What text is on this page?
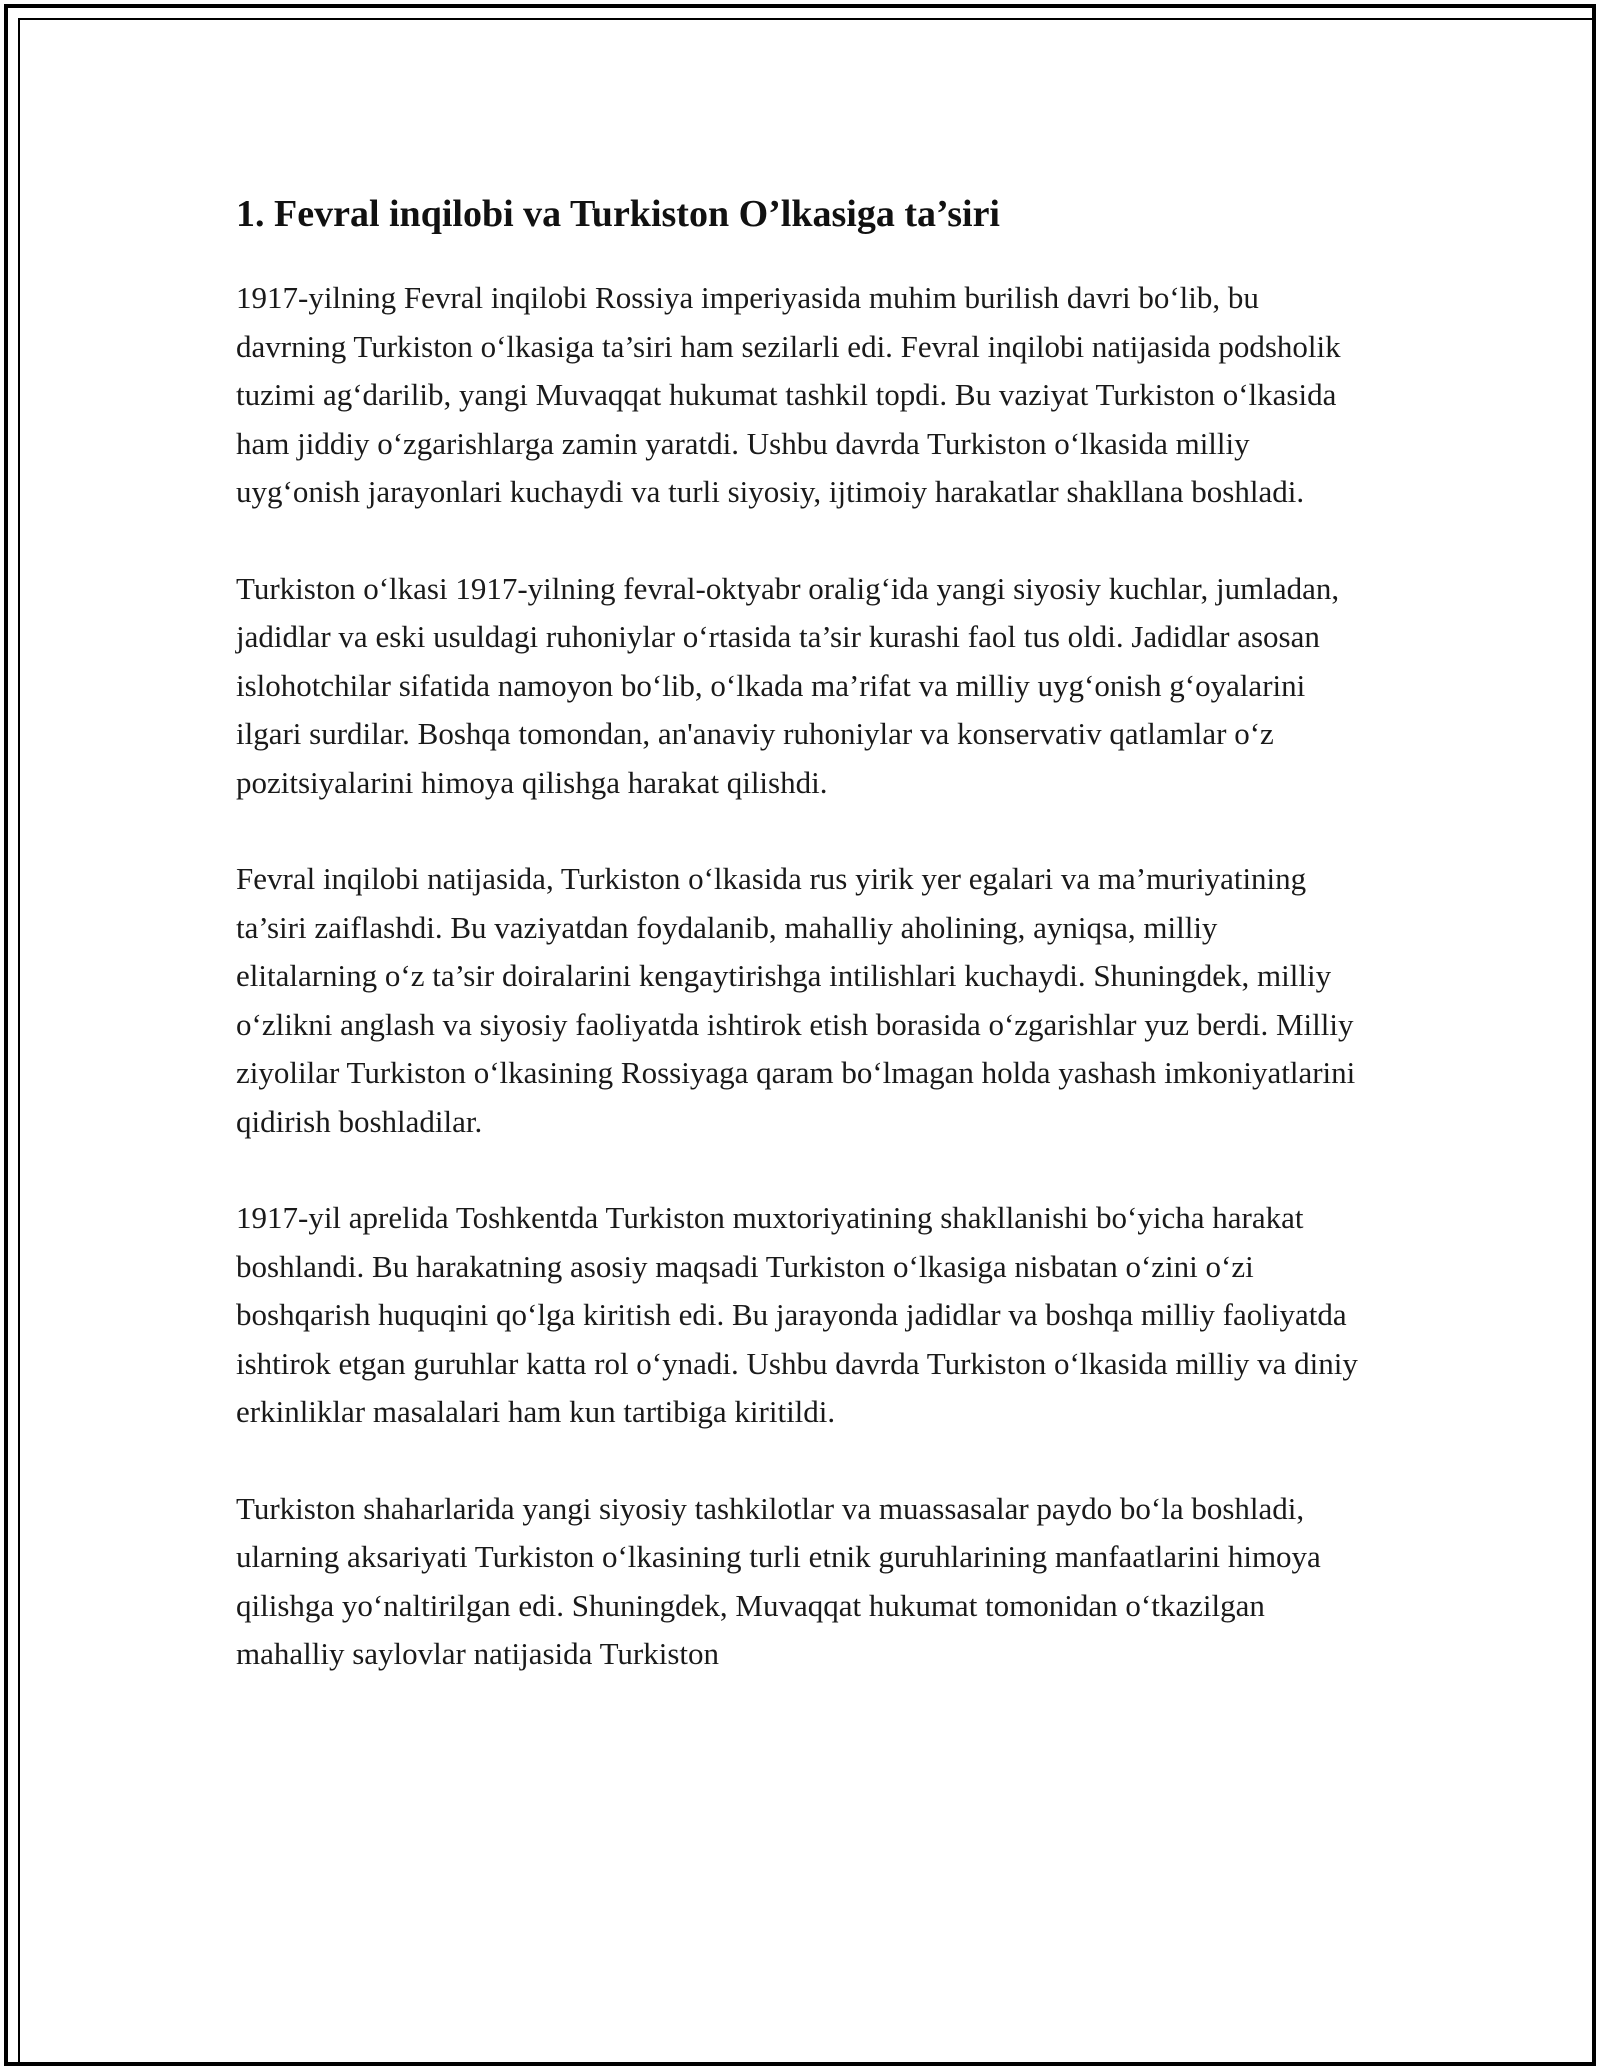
1. Fevral inqilobi va Turkiston O’lkasiga ta’siri

1917-yilning Fevral inqilobi Rossiya imperiyasida muhim burilish davri bo‘lib, bu davrning Turkiston o‘lkasiga ta’siri ham sezilarli edi. Fevral inqilobi natijasida podsholik tuzimi ag‘darilib, yangi Muvaqqat hukumat tashkil topdi. Bu vaziyat Turkiston o‘lkasida ham jiddiy o‘zgarishlarga zamin yaratdi. Ushbu davrda Turkiston o‘lkasida milliy uyg‘onish jarayonlari kuchaydi va turli siyosiy, ijtimoiy harakatlar shakllana boshladi.

Turkiston o‘lkasi 1917-yilning fevral-oktyabr oralig‘ida yangi siyosiy kuchlar, jumladan, jadidlar va eski usuldagi ruhoniylar o‘rtasida ta’sir kurashi faol tus oldi. Jadidlar asosan islohotchilar sifatida namoyon bo‘lib, o‘lkada ma’rifat va milliy uyg‘onish g‘oyalarini ilgari surdilar. Boshqa tomondan, an'anaviy ruhoniylar va konservativ qatlamlar o‘z pozitsiyalarini himoya qilishga harakat qilishdi.

Fevral inqilobi natijasida, Turkiston o‘lkasida rus yirik yer egalari va ma’muriyatining ta’siri zaiflashdi. Bu vaziyatdan foydalanib, mahalliy aholining, ayniqsa, milliy elitalarning o‘z ta’sir doiralarini kengaytirishga intilishlari kuchaydi. Shuningdek, milliy o‘zlikni anglash va siyosiy faoliyatda ishtirok etish borasida o‘zgarishlar yuz berdi. Milliy ziyolilar Turkiston o‘lkasining Rossiyaga qaram bo‘lmagan holda yashash imkoniyatlarini qidirish boshladilar.

1917-yil aprelida Toshkentda Turkiston muxtoriyatining shakllanishi bo‘yicha harakat boshlandi. Bu harakatning asosiy maqsadi Turkiston o‘lkasiga nisbatan o‘zini o‘zi boshqarish huquqini qo‘lga kiritish edi. Bu jarayonda jadidlar va boshqa milliy faoliyatda ishtirok etgan guruhlar katta rol o‘ynadi. Ushbu davrda Turkiston o‘lkasida milliy va diniy erkinliklar masalalari ham kun tartibiga kiritildi.

Turkiston shaharlarida yangi siyosiy tashkilotlar va muassasalar paydo bo‘la boshladi, ularning aksariyati Turkiston o‘lkasining turli etnik guruhlarining manfaatlarini himoya qilishga yo‘naltirilgan edi. Shuningdek, Muvaqqat hukumat tomonidan o‘tkazilgan mahalliy saylovlar natijasida Turkiston
